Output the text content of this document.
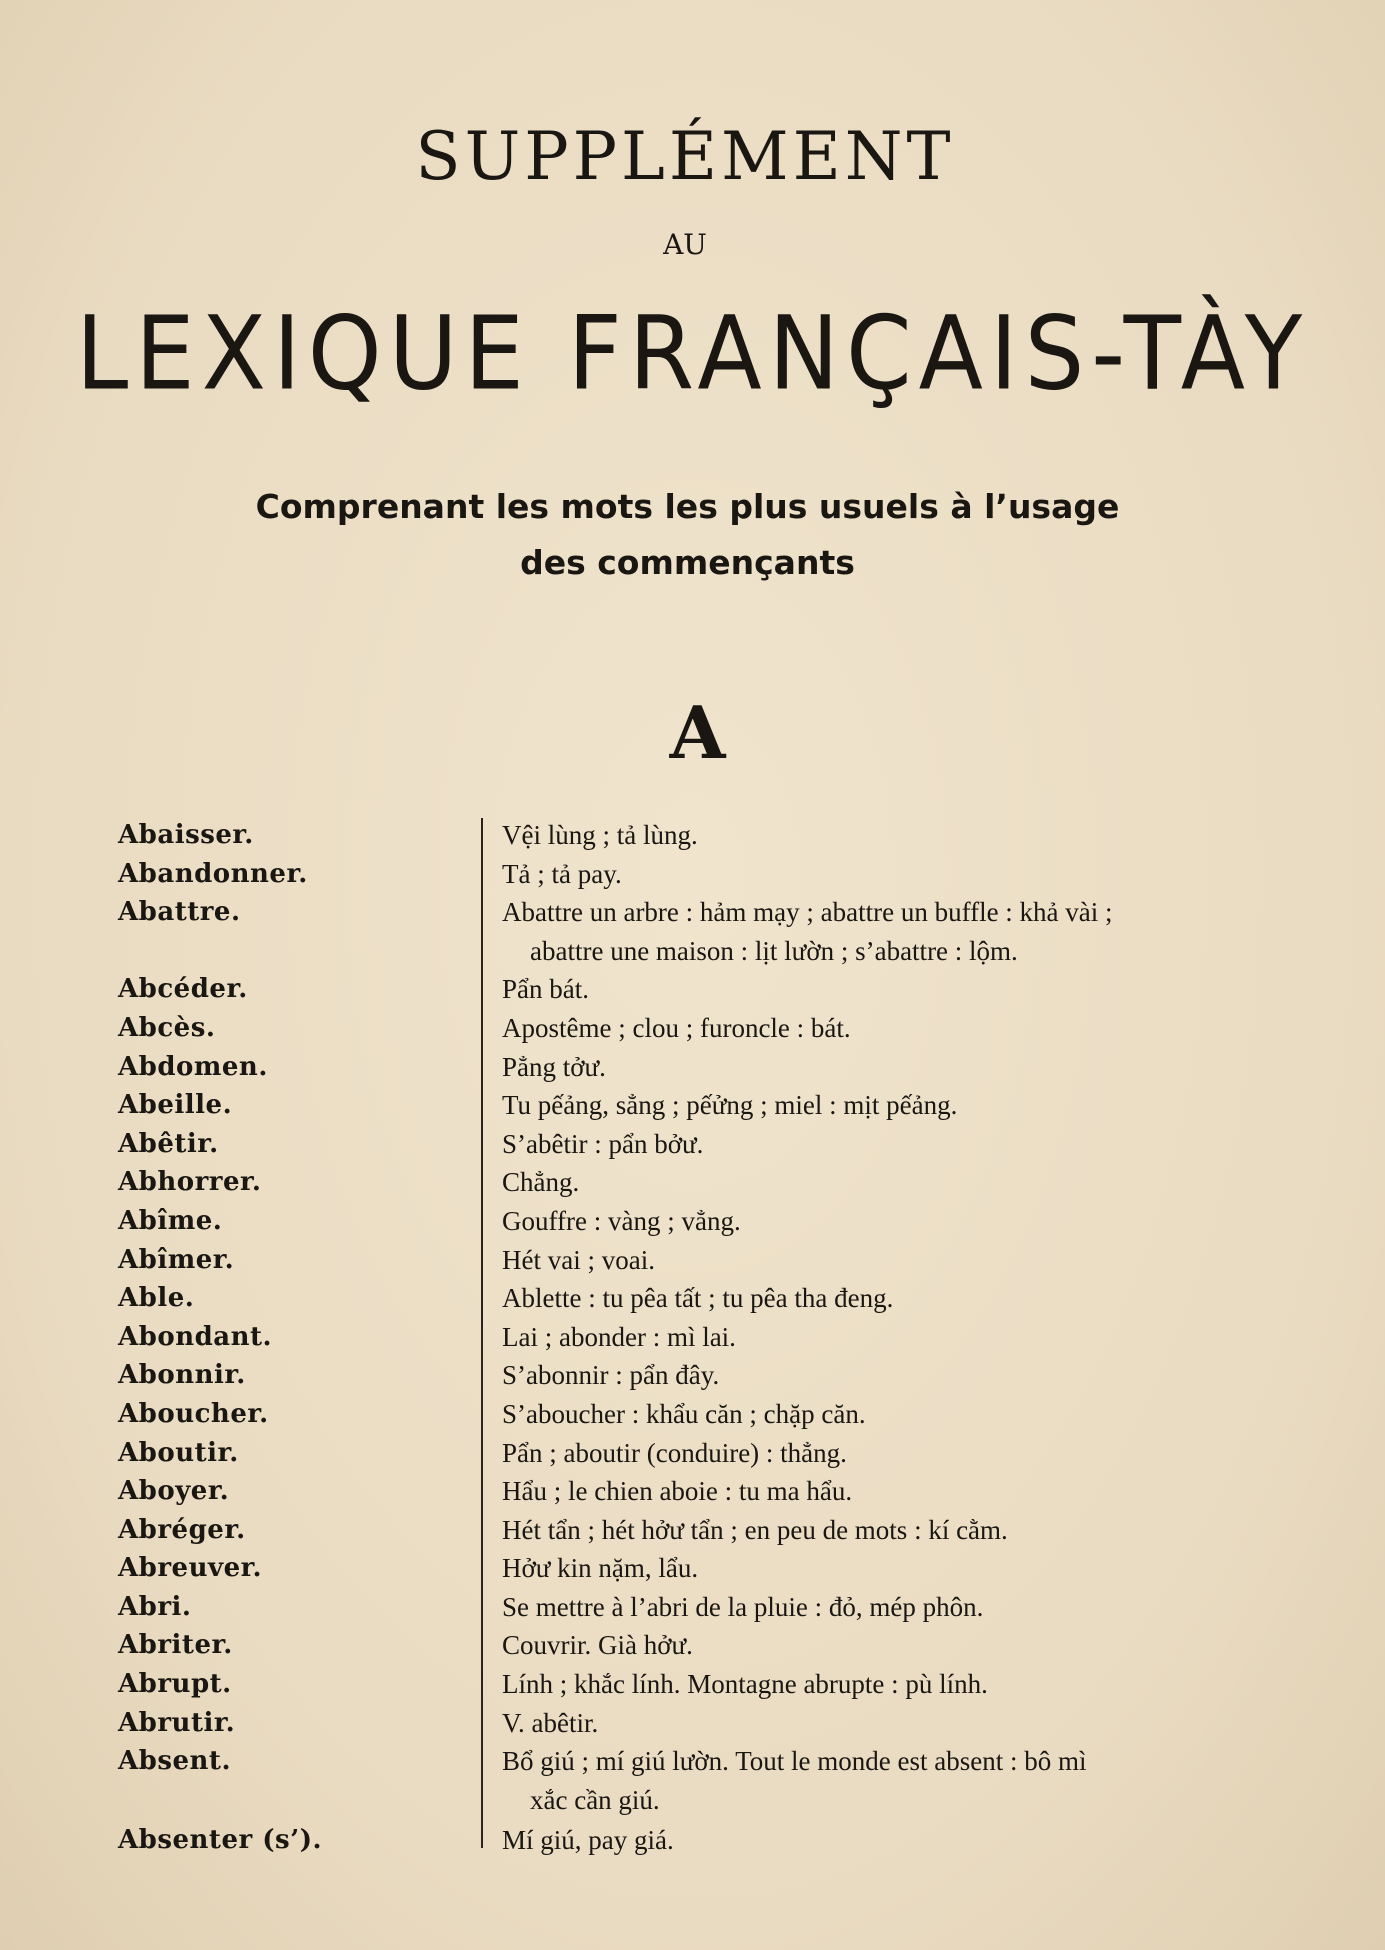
SUPPLÉMENT
AU
LEXIQUE FRANÇAIS-TÀY
Comprenant les mots les plus usuels à l’usage
des commençants
A
Abaisser.	Vệi lùng ; tả lùng.
Abandonner.	Tả ; tả pay.
Abattre.	Abattre un arbre : hảm mạy ; abattre un buffle : khả vài ;
abattre une maison : lịt lườn ; s’abattre : lộm.
Abcéder.	Pẩn bát.
Abcès.	Apostême ; clou ; furoncle : bát.
Abdomen.	Pẳng tởư.
Abeille.	Tu pếảng, sẳng ; pếửng ; miel : mịt pếảng.
Abêtir.	S’abêtir : pẩn bởư.
Abhorrer.	Chẳng.
Abîme.	Gouffre : vàng ; vẳng.
Abîmer.	Hét vai ; voai.
Able.	Ablette : tu pêa tất ; tu pêa tha đeng.
Abondant.	Lai ; abonder : mì lai.
Abonnir.	S’abonnir : pẩn đây.
Aboucher.	S’aboucher : khẩu căn ; chặp căn.
Aboutir.	Pẩn ; aboutir (conduire) : thẳng.
Aboyer.	Hẩu ; le chien aboie : tu ma hẩu.
Abréger.	Hét tẩn ; hét hởư tẩn ; en peu de mots : kí cằm.
Abreuver.	Hởư kin nặm, lẩu.
Abri.	Se mettre à l’abri de la pluie : đỏ, mép phôn.
Abriter.	Couvrir. Già hởư.
Abrupt.	Lính ; khắc lính. Montagne abrupte : pù lính.
Abrutir.	V. abêtir.
Absent.	Bổ giú ; mí giú lườn. Tout le monde est absent : bô mì
xắc cần giú.
Absenter (s’).	Mí giú, pay giá.
